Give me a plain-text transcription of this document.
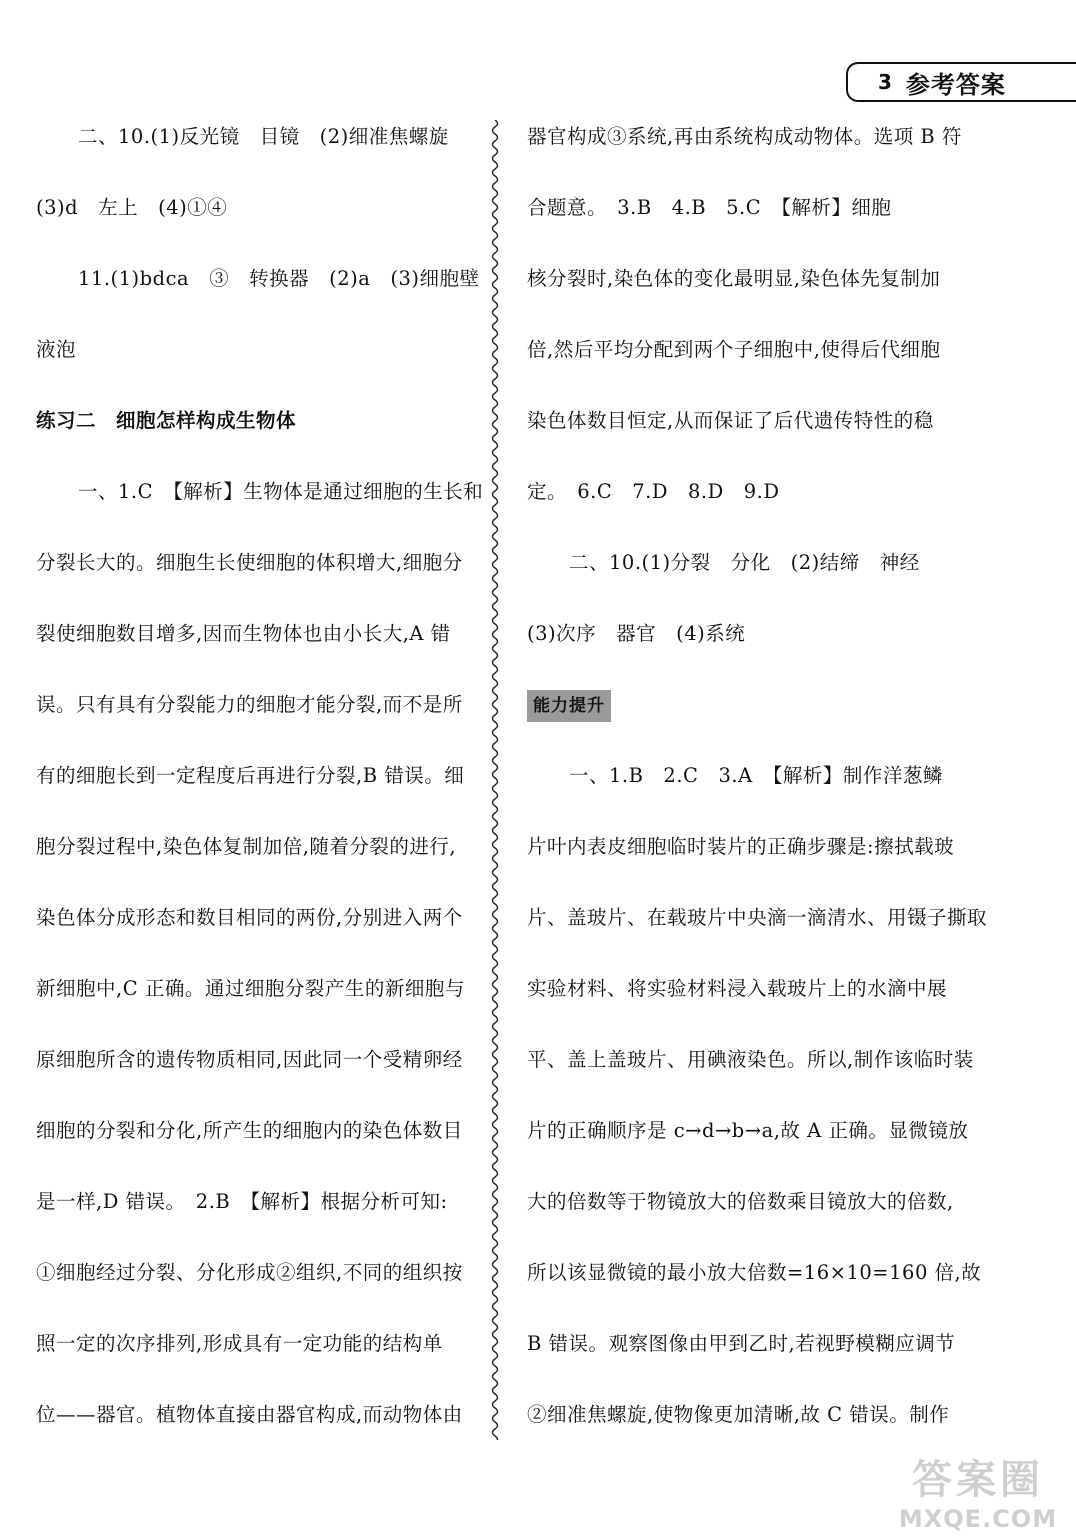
3 参考答案
二、10.(1)反光镜　目镜　(2)细准焦螺旋
(3)d　左上　(4)①④
11.(1)bdca　③　转换器　(2)a　(3)细胞壁
液泡
练习二　细胞怎样构成生物体
一、1.C　【解析】生物体是通过细胞的生长和
分裂长大的。细胞生长使细胞的体积增大,细胞分
裂使细胞数目增多,因而生物体也由小长大,A 错
误。只有具有分裂能力的细胞才能分裂,而不是所
有的细胞长到一定程度后再进行分裂,B 错误。细
胞分裂过程中,染色体复制加倍,随着分裂的进行,
染色体分成形态和数目相同的两份,分别进入两个
新细胞中,C 正确。通过细胞分裂产生的新细胞与
原细胞所含的遗传物质相同,因此同一个受精卵经
细胞的分裂和分化,所产生的细胞内的染色体数目
是一样,D 错误。　2.B　【解析】根据分析可知:
①细胞经过分裂、分化形成②组织,不同的组织按
照一定的次序排列,形成具有一定功能的结构单
位——器官。植物体直接由器官构成,而动物体由
器官构成③系统,再由系统构成动物体。选项 B 符
合题意。　3.B　4.B　5.C　【解析】细胞
核分裂时,染色体的变化最明显,染色体先复制加
倍,然后平均分配到两个子细胞中,使得后代细胞
染色体数目恒定,从而保证了后代遗传特性的稳
定。　6.C　7.D　8.D　9.D
二、10.(1)分裂　分化　(2)结缔　神经
(3)次序　器官　(4)系统
能力提升
一、1.B　2.C　3.A　【解析】制作洋葱鳞
片叶内表皮细胞临时装片的正确步骤是:擦拭载玻
片、盖玻片、在载玻片中央滴一滴清水、用镊子撕取
实验材料、将实验材料浸入载玻片上的水滴中展
平、盖上盖玻片、用碘液染色。所以,制作该临时装
片的正确顺序是 c→d→b→a,故 A 正确。显微镜放
大的倍数等于物镜放大的倍数乘目镜放大的倍数,
所以该显微镜的最小放大倍数=16×10=160 倍,故
B 错误。观察图像由甲到乙时,若视野模糊应调节
②细准焦螺旋,使物像更加清晰,故 C 错误。制作
答案圈
MXQE.COM
